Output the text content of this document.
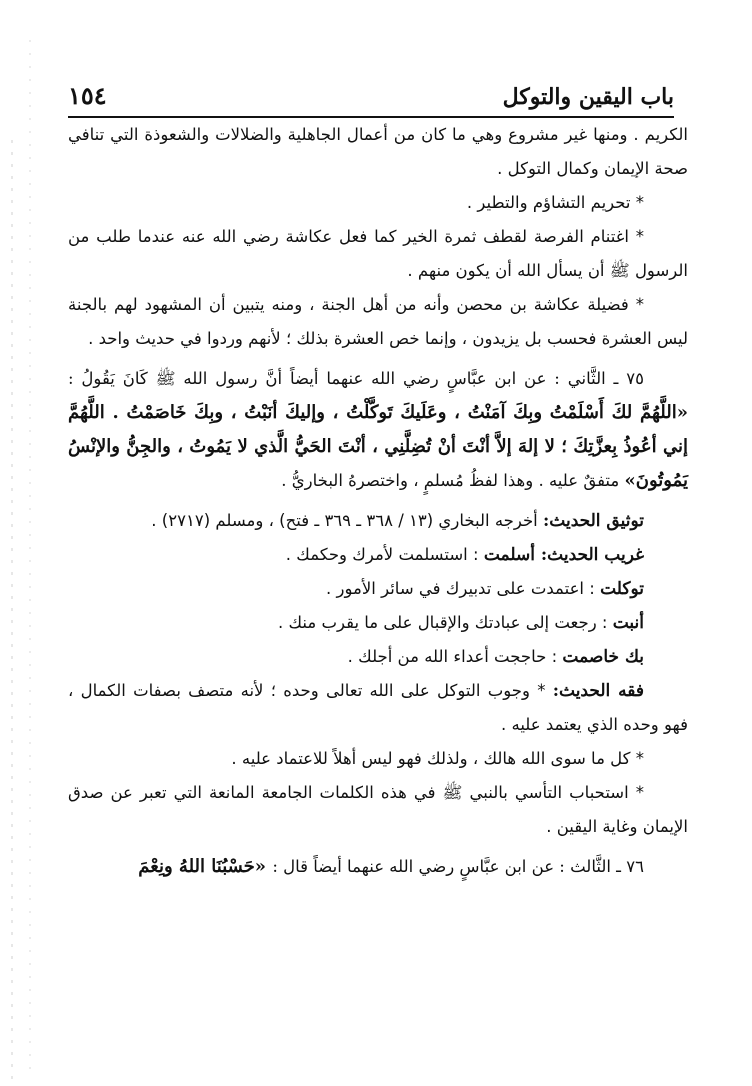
باب اليقين والتوكل
١٥٤

الكريم . ومنها غير مشروع وهي ما كان من أعمال الجاهلية والضلالات والشعوذة التي تنافي صحة الإيمان وكمال التوكل .

* تحريم التشاؤم والتطير .

* اغتنام الفرصة لقطف ثمرة الخير كما فعل عكاشة رضي الله عنه عندما طلب من الرسول ﷺ أن يسأل الله أن يكون منهم .

* فضيلة عكاشة بن محصن وأنه من أهل الجنة ، ومنه يتبين أن المشهود لهم بالجنة ليس العشرة فحسب بل يزيدون ، وإنما خص العشرة بذلك ؛ لأنهم وردوا في حديث واحد .

٧٥ ـ الثَّاني : عن ابن عبَّاسٍ رضي الله عنهما أيضاً أنَّ رسول الله ﷺ كَانَ يَقُولُ : «اللَّهُمَّ لكَ أَسْلَمْتُ وبِكَ آمَنْتُ ، وعَلَيكَ تَوكَّلْتُ ، وإليكَ أنَبْتُ ، وبِكَ خَاصَمْتُ . اللَّهُمَّ إني أعُوذُ بِعزَّتِكَ ؛ لا إلهَ إلاَّ أنْتَ أنْ تُضِلَّنِي ، أنْتَ الحَيُّ الَّذي لا يَمُوتُ ، والجِنُّ والإنْسُ يَمُوتُونَ» متفقٌ عليه . وهذا لفظُ مُسلمٍ ، واختصرهُ البخاريُّ .

توثيق الحديث: أخرجه البخاري (١٣ / ٣٦٨ ـ ٣٦٩ ـ فتح) ، ومسلم (٢٧١٧) .

غريب الحديث: أسلمت : استسلمت لأمرك وحكمك .

توكلت : اعتمدت على تدبيرك في سائر الأمور .

أنبت : رجعت إلى عبادتك والإقبال على ما يقرب منك .

بك خاصمت : حاججت أعداء الله من أجلك .

فقه الحديث: * وجوب التوكل على الله تعالى وحده ؛ لأنه متصف بصفات الكمال ، فهو وحده الذي يعتمد عليه .

* كل ما سوى الله هالك ، ولذلك فهو ليس أهلاً للاعتماد عليه .

* استحباب التأسي بالنبي ﷺ في هذه الكلمات الجامعة المانعة التي تعبر عن صدق الإيمان وغاية اليقين .

٧٦ ـ الثَّالث : عن ابن عبَّاسٍ رضي الله عنهما أيضاً قال : «حَسْبُنَا اللهُ ونِعْمَ
